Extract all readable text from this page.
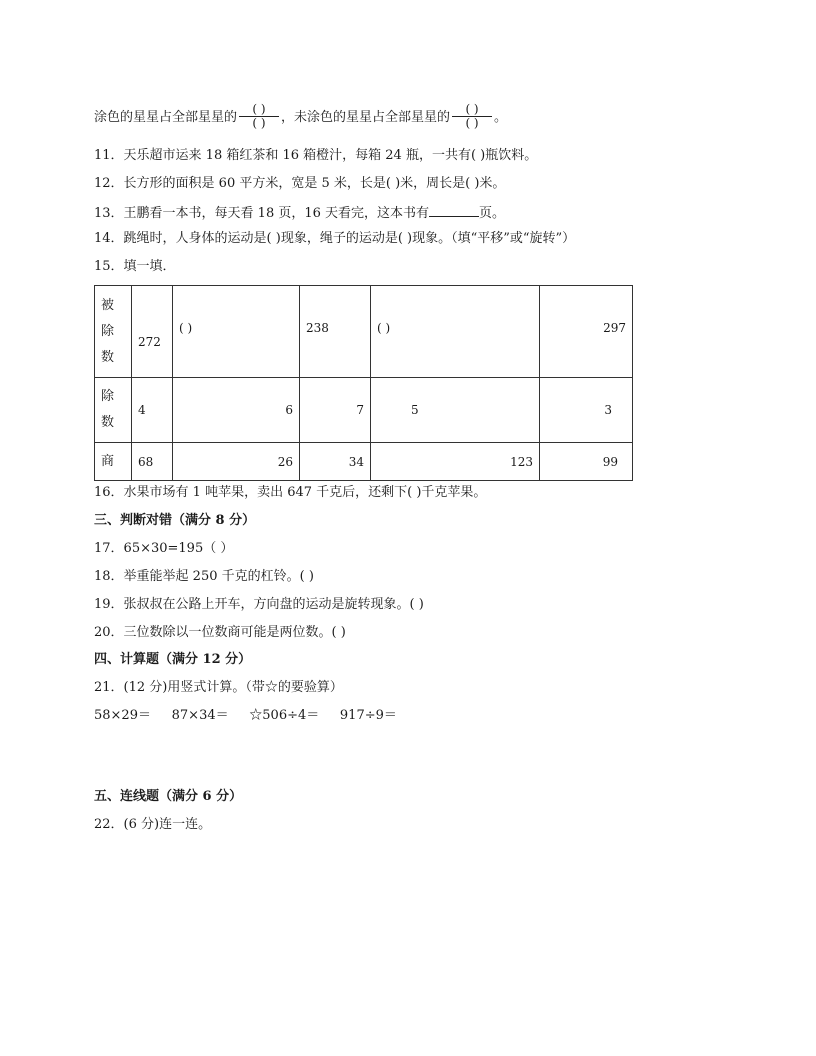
涂色的星星占全部星星的 $\frac{( )}{( )}$ ，未涂色的星星占全部星星的 $\frac{( )}{( )}$ 。
11．天乐超市运来 18 箱红茶和 16 箱橙汁，每箱 24 瓶，一共有( )瓶饮料。
12．长方形的面积是 60 平方米，宽是 5 米，长是( )米，周长是( )米。
13．王鹏看一本书，每天看 18 页，16 天看完，这本书有	页。
14．跳绳时，人身体的运动是( )现象，绳子的运动是( )现象。（填“平移”或“旋转”）
15．填一填．
被
除
数	272	( )	238	( )	297

除
数	4	6	7	5	3
商	68	26	34	123	99
16．水果市场有 1 吨苹果，卖出 647 千克后，还剩下( )千克苹果。
三、判断对错（满分 8 分）
17．65×30=195（ ）
18．举重能举起 250 千克的杠铃。( )
19．张叔叔在公路上开车，方向盘的运动是旋转现象。( )
20．三位数除以一位数商可能是两位数。( )
四、计算题（满分 12 分）
21．(12 分)用竖式计算。（带☆的要验算）
58×29＝     87×34＝     ☆506÷4＝     917÷9＝
五、连线题（满分 6 分）
22．(6 分)连一连。
